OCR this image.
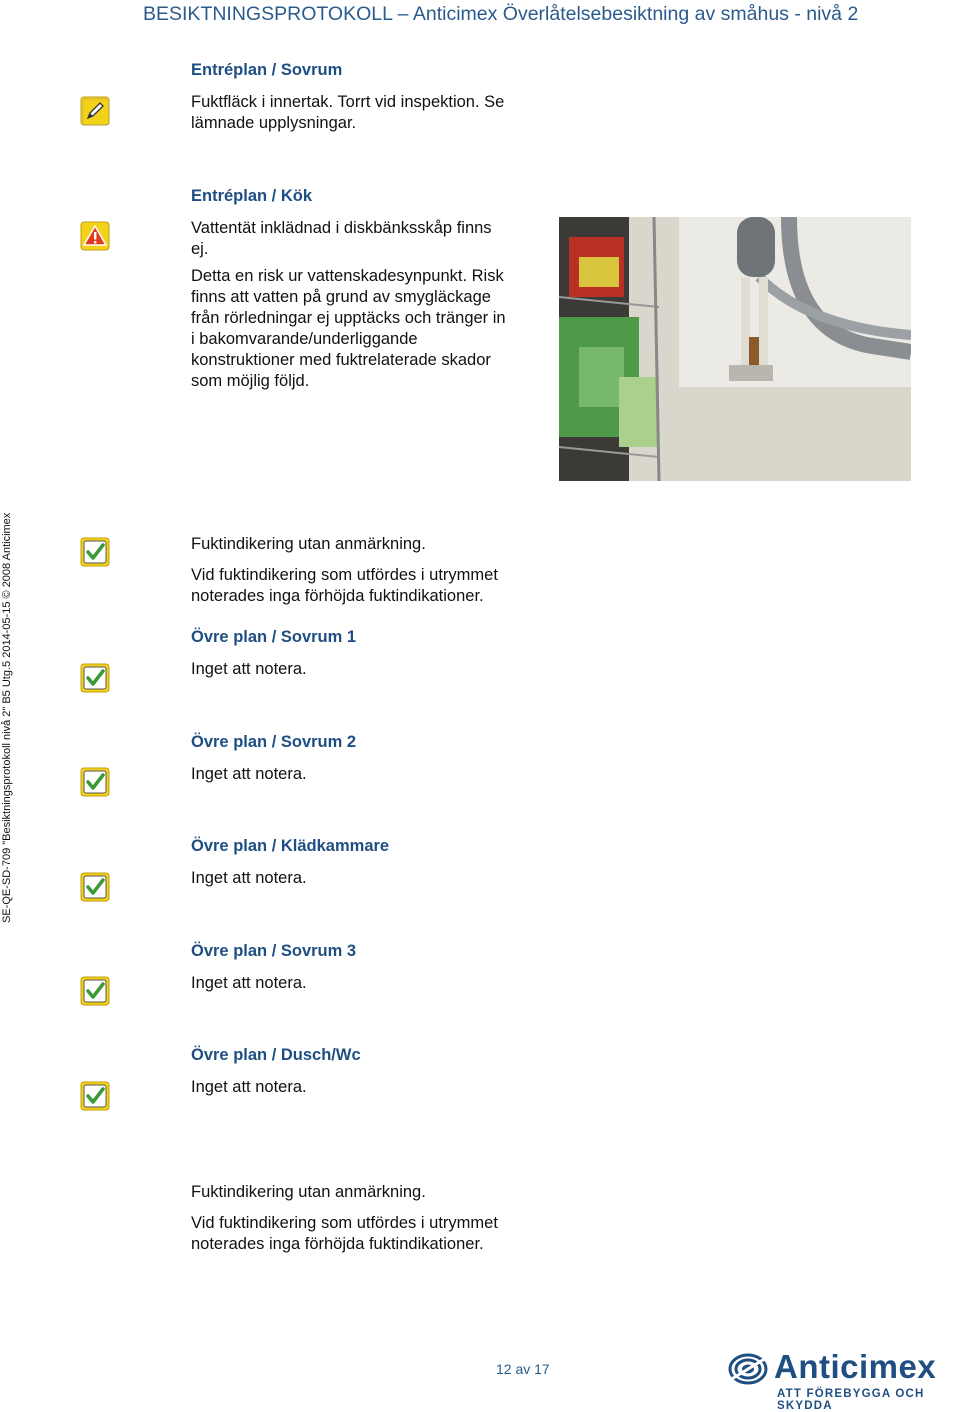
BESIKTNINGSPROTOKOLL – Anticimex Överlåtelsebesiktning av småhus - nivå 2
SE-QE-SD-709 "Besiktningsprotokoll nivå 2" B5 Utg.5 2014-05-15 © 2008 Anticimex
Entréplan / Sovrum
Fuktfläck i innertak. Torrt vid inspektion. Se
lämnade upplysningar.
Entréplan / Kök
Vattentät inklädnad i diskbänksskåp finns
ej.
Detta en risk ur vattenskadesynpunkt. Risk
finns att vatten på grund av smygläckage
från rörledningar ej upptäcks och tränger in
i bakomvarande/underliggande
konstruktioner med fuktrelaterade skador
som möjlig följd.
Fuktindikering utan anmärkning.
Vid fuktindikering som utfördes i utrymmet
noterades inga förhöjda fuktindikationer.
Övre plan / Sovrum 1
Inget att notera.
Övre plan / Sovrum 2
Inget att notera.
Övre plan / Klädkammare
Inget att notera.
Övre plan / Sovrum 3
Inget att notera.
Övre plan / Dusch/Wc
Inget att notera.
Fuktindikering utan anmärkning.
Vid fuktindikering som utfördes i utrymmet
noterades inga förhöjda fuktindikationer.
12 av 17	Anticimex
ATT FÖREBYGGA OCH SKYDDA
